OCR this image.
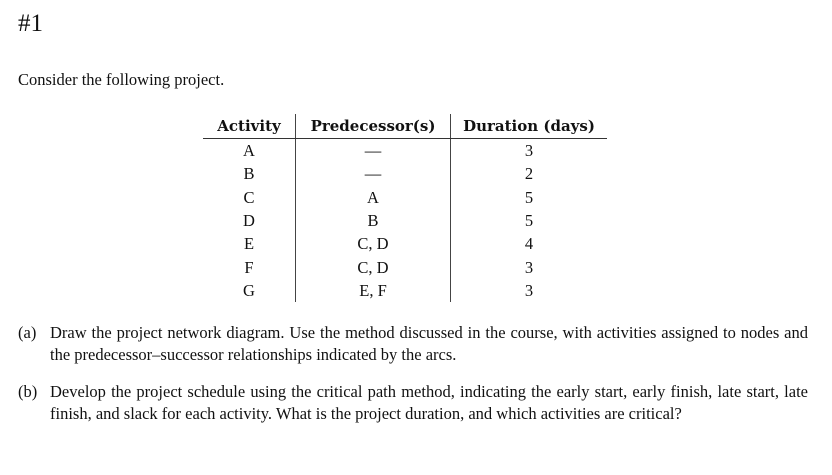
#1
Consider the following project.
Activity	Predecessor(s)	Duration (days)
A	—	3
B	—	2
C	A	5
D	B	5
E	C, D	4
F	C, D	3
G	E, F	3
(a) Draw the project network diagram. Use the method discussed in the course, with activities assigned to nodes and the predecessor–successor relationships indicated by the arcs.
(b) Develop the project schedule using the critical path method, indicating the early start, early finish, late start, late finish, and slack for each activity. What is the project duration, and which activities are critical?
